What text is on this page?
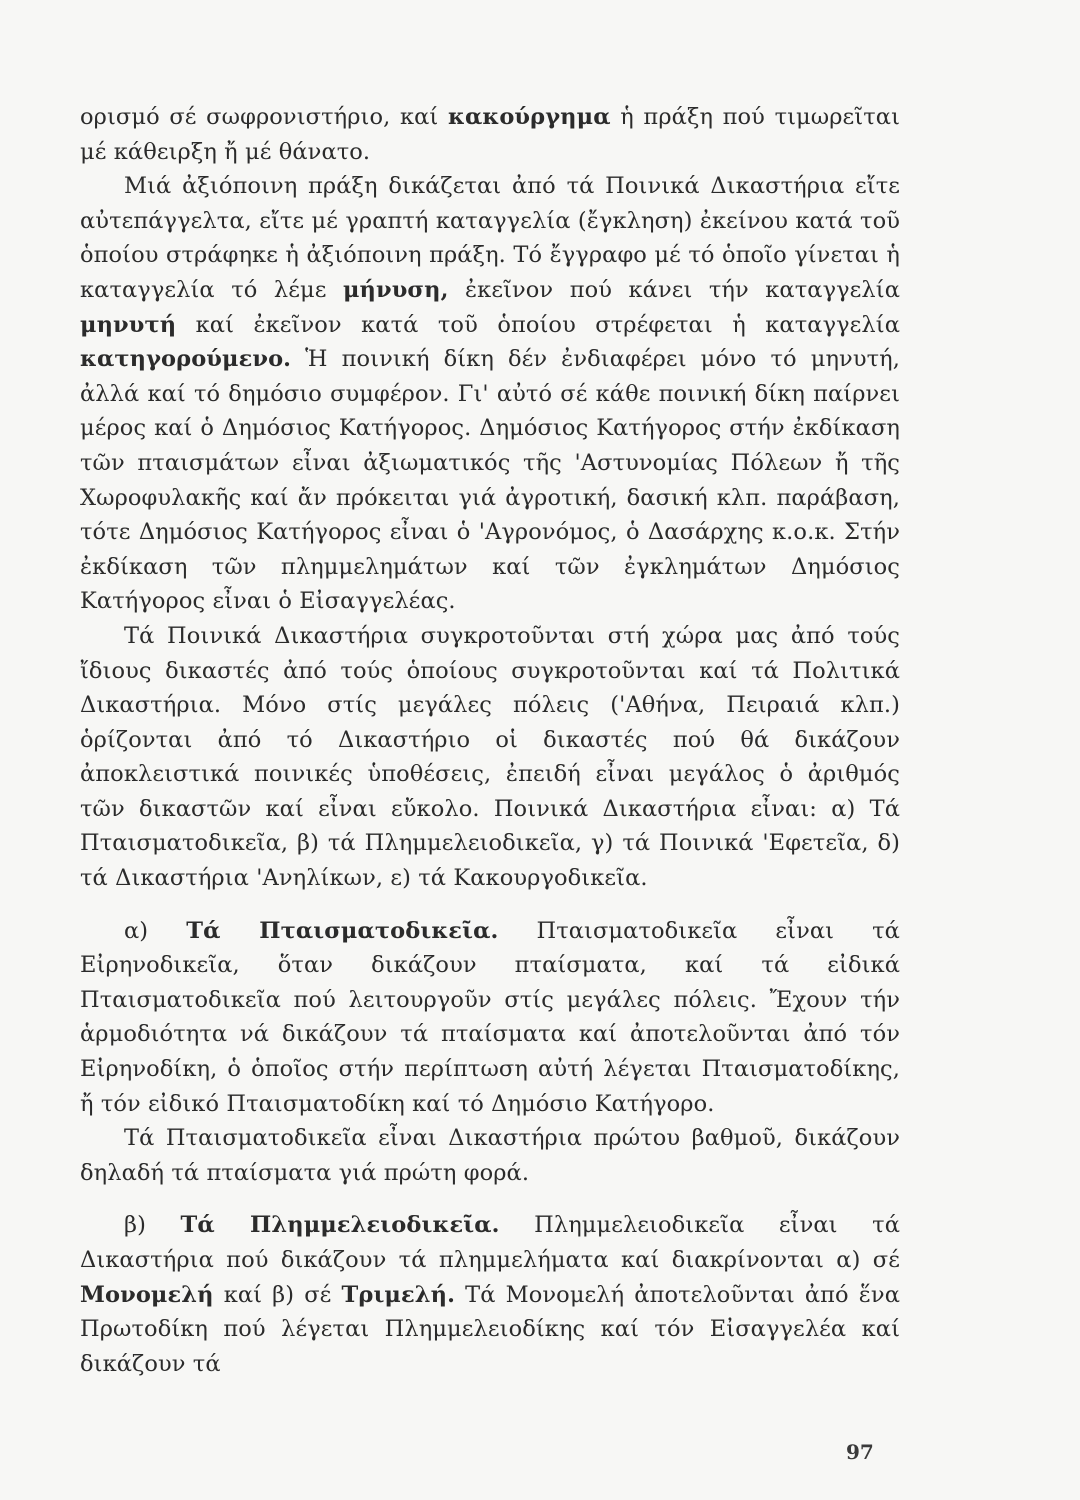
ορισμό σέ σωφρονιστήριο, καί κακούργημα ἡ πράξη πού τιμωρεῖται μέ κάθειρξη ἤ μέ θάνατο.

Μιά ἀξιόποινη πράξη δικάζεται ἀπό τά Ποινικά Δικαστήρια εἴτε αὐτεπάγγελτα, εἴτε μέ γραπτή καταγγελία (ἔγκληση) ἐκείνου κατά τοῦ ὁποίου στράφηκε ἡ ἀξιόποινη πράξη. Τό ἔγγραφο μέ τό ὁποῖο γίνεται ἡ καταγγελία τό λέμε μήνυση, ἐκεῖνον πού κάνει τήν καταγγελία μηνυτή καί ἐκεῖνον κατά τοῦ ὁποίου στρέφεται ἡ καταγγελία κατηγορούμενο. Ἡ ποινική δίκη δέν ἐνδιαφέρει μόνο τό μηνυτή, ἀλλά καί τό δημόσιο συμφέρον. Γι' αὐτό σέ κάθε ποινική δίκη παίρνει μέρος καί ὁ Δημόσιος Κατήγορος. Δημόσιος Κατήγορος στήν ἐκδίκαση τῶν πταισμάτων εἶναι ἀξιωματικός τῆς 'Αστυνομίας Πόλεων ἤ τῆς Χωροφυλακῆς καί ἄν πρόκειται γιά ἀγροτική, δασική κλπ. παράβαση, τότε Δημόσιος Κατήγορος εἶναι ὁ 'Αγρονόμος, ὁ Δασάρχης κ.ο.κ. Στήν ἐκδίκαση τῶν πλημμελημάτων καί τῶν ἐγκλημάτων Δημόσιος Κατήγορος εἶναι ὁ Εἰσαγγελέας.

Τά Ποινικά Δικαστήρια συγκροτοῦνται στή χώρα μας ἀπό τούς ἴδιους δικαστές ἀπό τούς ὁποίους συγκροτοῦνται καί τά Πολιτικά Δικαστήρια. Μόνο στίς μεγάλες πόλεις ('Αθήνα, Πειραιά κλπ.) ὁρίζονται ἀπό τό Δικαστήριο οἱ δικαστές πού θά δικάζουν ἀποκλειστικά ποινικές ὑποθέσεις, ἐπειδή εἶναι μεγάλος ὁ ἀριθμός τῶν δικαστῶν καί εἶναι εὔκολο. Ποινικά Δικαστήρια εἶναι: α) Τά Πταισματοδικεῖα, β) τά Πλημμελειοδικεῖα, γ) τά Ποινικά 'Εφετεῖα, δ) τά Δικαστήρια 'Ανηλίκων, ε) τά Κακουργοδικεῖα.

α) Τά Πταισματοδικεῖα. Πταισματοδικεῖα εἶναι τά Εἰρηνοδικεῖα, ὅταν δικάζουν πταίσματα, καί τά εἰδικά Πταισματοδικεῖα πού λειτουργοῦν στίς μεγάλες πόλεις. Ἔχουν τήν ἁρμοδιότητα νά δικάζουν τά πταίσματα καί ἀποτελοῦνται ἀπό τόν Εἰρηνοδίκη, ὁ ὁποῖος στήν περίπτωση αὐτή λέγεται Πταισματοδίκης, ἤ τόν εἰδικό Πταισματοδίκη καί τό Δημόσιο Κατήγορο.

Τά Πταισματοδικεῖα εἶναι Δικαστήρια πρώτου βαθμοῦ, δικάζουν δηλαδή τά πταίσματα γιά πρώτη φορά.

β) Τά Πλημμελειοδικεῖα. Πλημμελειοδικεῖα εἶναι τά Δικαστήρια πού δικάζουν τά πλημμελήματα καί διακρίνονται α) σέ Μονομελή καί β) σέ Τριμελή. Τά Μονομελή ἀποτελοῦνται ἀπό ἕνα Πρωτοδίκη πού λέγεται Πλημμελειοδίκης καί τόν Εἰσαγγελέα καί δικάζουν τά

97
